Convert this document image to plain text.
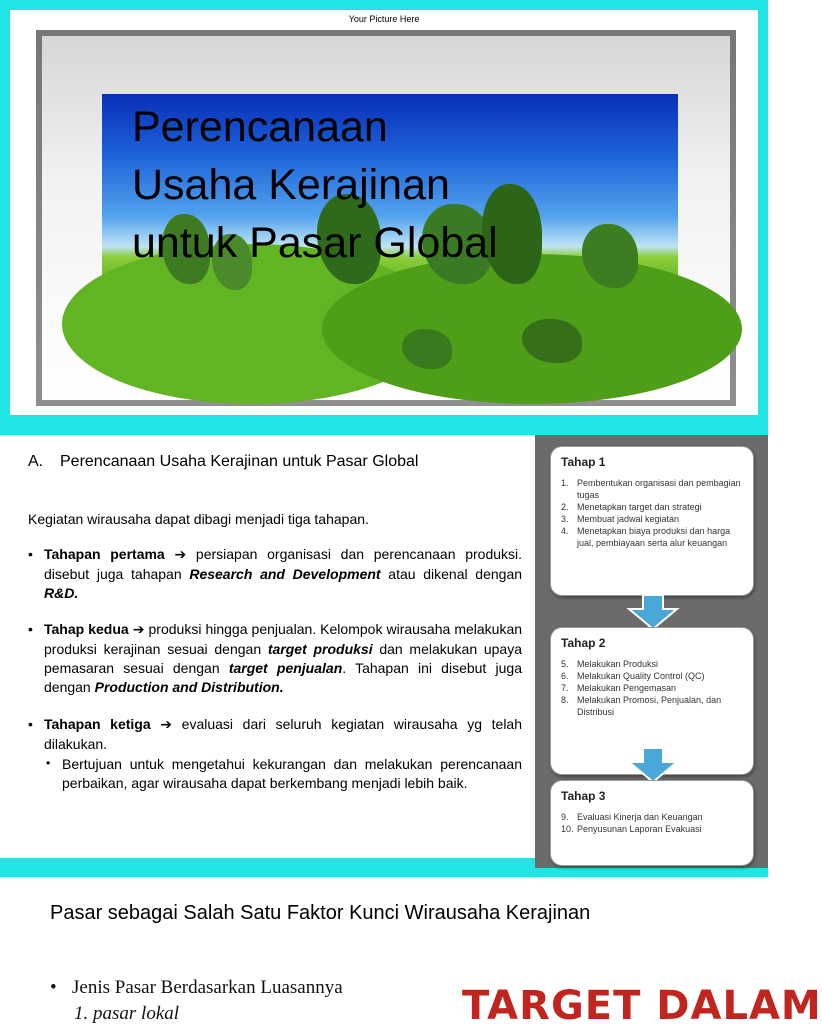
Your Picture Here
Perencanaan
Usaha Kerajinan
untuk Pasar Global
A. Perencanaan Usaha Kerajinan untuk Pasar Global
Kegiatan wirausaha dapat dibagi menjadi tiga tahapan.
• Tahapan pertama ➔ persiapan organisasi dan perencanaan produksi. disebut juga tahapan Research and Development atau dikenal dengan R&D.
• Tahap kedua ➔ produksi hingga penjualan. Kelompok wirausaha melakukan produksi kerajinan sesuai dengan target produksi dan melakukan upaya pemasaran sesuai dengan target penjualan. Tahapan ini disebut juga dengan Production and Distribution.
• Tahapan ketiga ➔ evaluasi dari seluruh kegiatan wirausaha yg telah dilakukan.
• Bertujuan untuk mengetahui kekurangan dan melakukan perencanaan perbaikan, agar wirausaha dapat berkembang menjadi lebih baik.
Tahap 1
1. Pembentukan organisasi dan pembagian tugas
2. Menetapkan target dan strategi
3. Membuat jadwal kegiatan
4. Menetapkan biaya produksi dan harga jual, pembiayaan serta alur keuangan
Tahap 2
5. Melakukan Produksi
6. Melakukan Quality Control (QC)
7. Melakukan Pengemasan
8. Melakukan Promosi, Penjualan, dan Distribusi
Tahap 3
9. Evaluasi Kinerja dan Keuangan
10. Penyusunan Laporan Evakuasi
Pasar sebagai Salah Satu Faktor Kunci Wirausaha Kerajinan
• Jenis Pasar Berdasarkan Luasannya
1. pasar lokal	TARGET DALAM
